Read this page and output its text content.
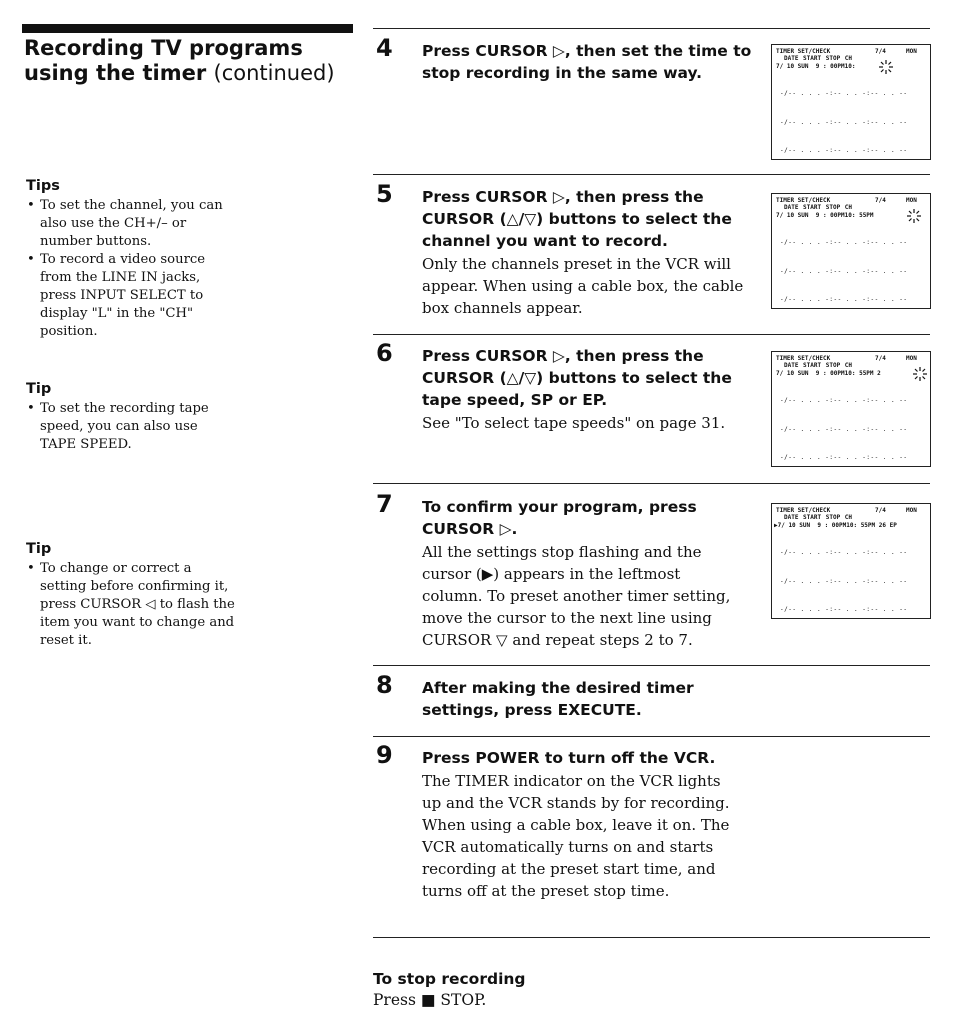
Recording TV programs using the timer (continued)
Tips
• To set the channel, you can also use the CH+/– or number buttons.
• To record a video source from the LINE IN jacks, press INPUT SELECT to display "L" in the "CH" position.
Tip
• To set the recording tape speed, you can also use TAPE SPEED.
Tip
• To change or correct a setting before confirming it, press CURSOR ◁ to flash the item you want to change and reset it.
4 Press CURSOR ▷, then set the time to stop recording in the same way.
5 Press CURSOR ▷, then press the CURSOR (△/▽) buttons to select the channel you want to record.
Only the channels preset in the VCR will appear. When using a cable box, the cable box channels appear.
6 Press CURSOR ▷, then press the CURSOR (△/▽) buttons to select the tape speed, SP or EP.
See "To select tape speeds" on page 31.
7 To confirm your program, press CURSOR ▷.
All the settings stop flashing and the cursor (▶) appears in the leftmost column. To preset another timer setting, move the cursor to the next line using CURSOR ▽ and repeat steps 2 to 7.
8 After making the desired timer settings, press EXECUTE.
9 Press POWER to turn off the VCR.
The TIMER indicator on the VCR lights up and the VCR stands by for recording. When using a cable box, leave it on. The VCR automatically turns on and starts recording at the preset start time, and turns off at the preset stop time.
TIMER SET/CHECK	7/4	MON
DATE START STOP CH
7/ 10 SUN  9 : 00PM10:

-/-- . . . -:-- . . -:-- . . --

-/-- . . . -:-- . . -:-- . . --

-/-- . . . -:-- . . -:-- . . --

TIMER SET/CHECK	7/4	MON
DATE START STOP CH
7/ 10 SUN  9 : 00PM10: 55PM

-/-- . . . -:-- . . -:-- . . --

-/-- . . . -:-- . . -:-- . . --

-/-- . . . -:-- . . -:-- . . --

TIMER SET/CHECK	7/4	MON
DATE START STOP CH
7/ 10 SUN  9 : 00PM10: 55PM 2

-/-- . . . -:-- . . -:-- . . --

-/-- . . . -:-- . . -:-- . . --

-/-- . . . -:-- . . -:-- . . --

TIMER SET/CHECK	7/4	MON
DATE START STOP CH
▶7/ 10 SUN  9 : 00PM10: 55PM 26 EP

-/-- . . . -:-- . . -:-- . . --

-/-- . . . -:-- . . -:-- . . --

-/-- . . . -:-- . . -:-- . . --

To stop recording
Press ■ STOP.
